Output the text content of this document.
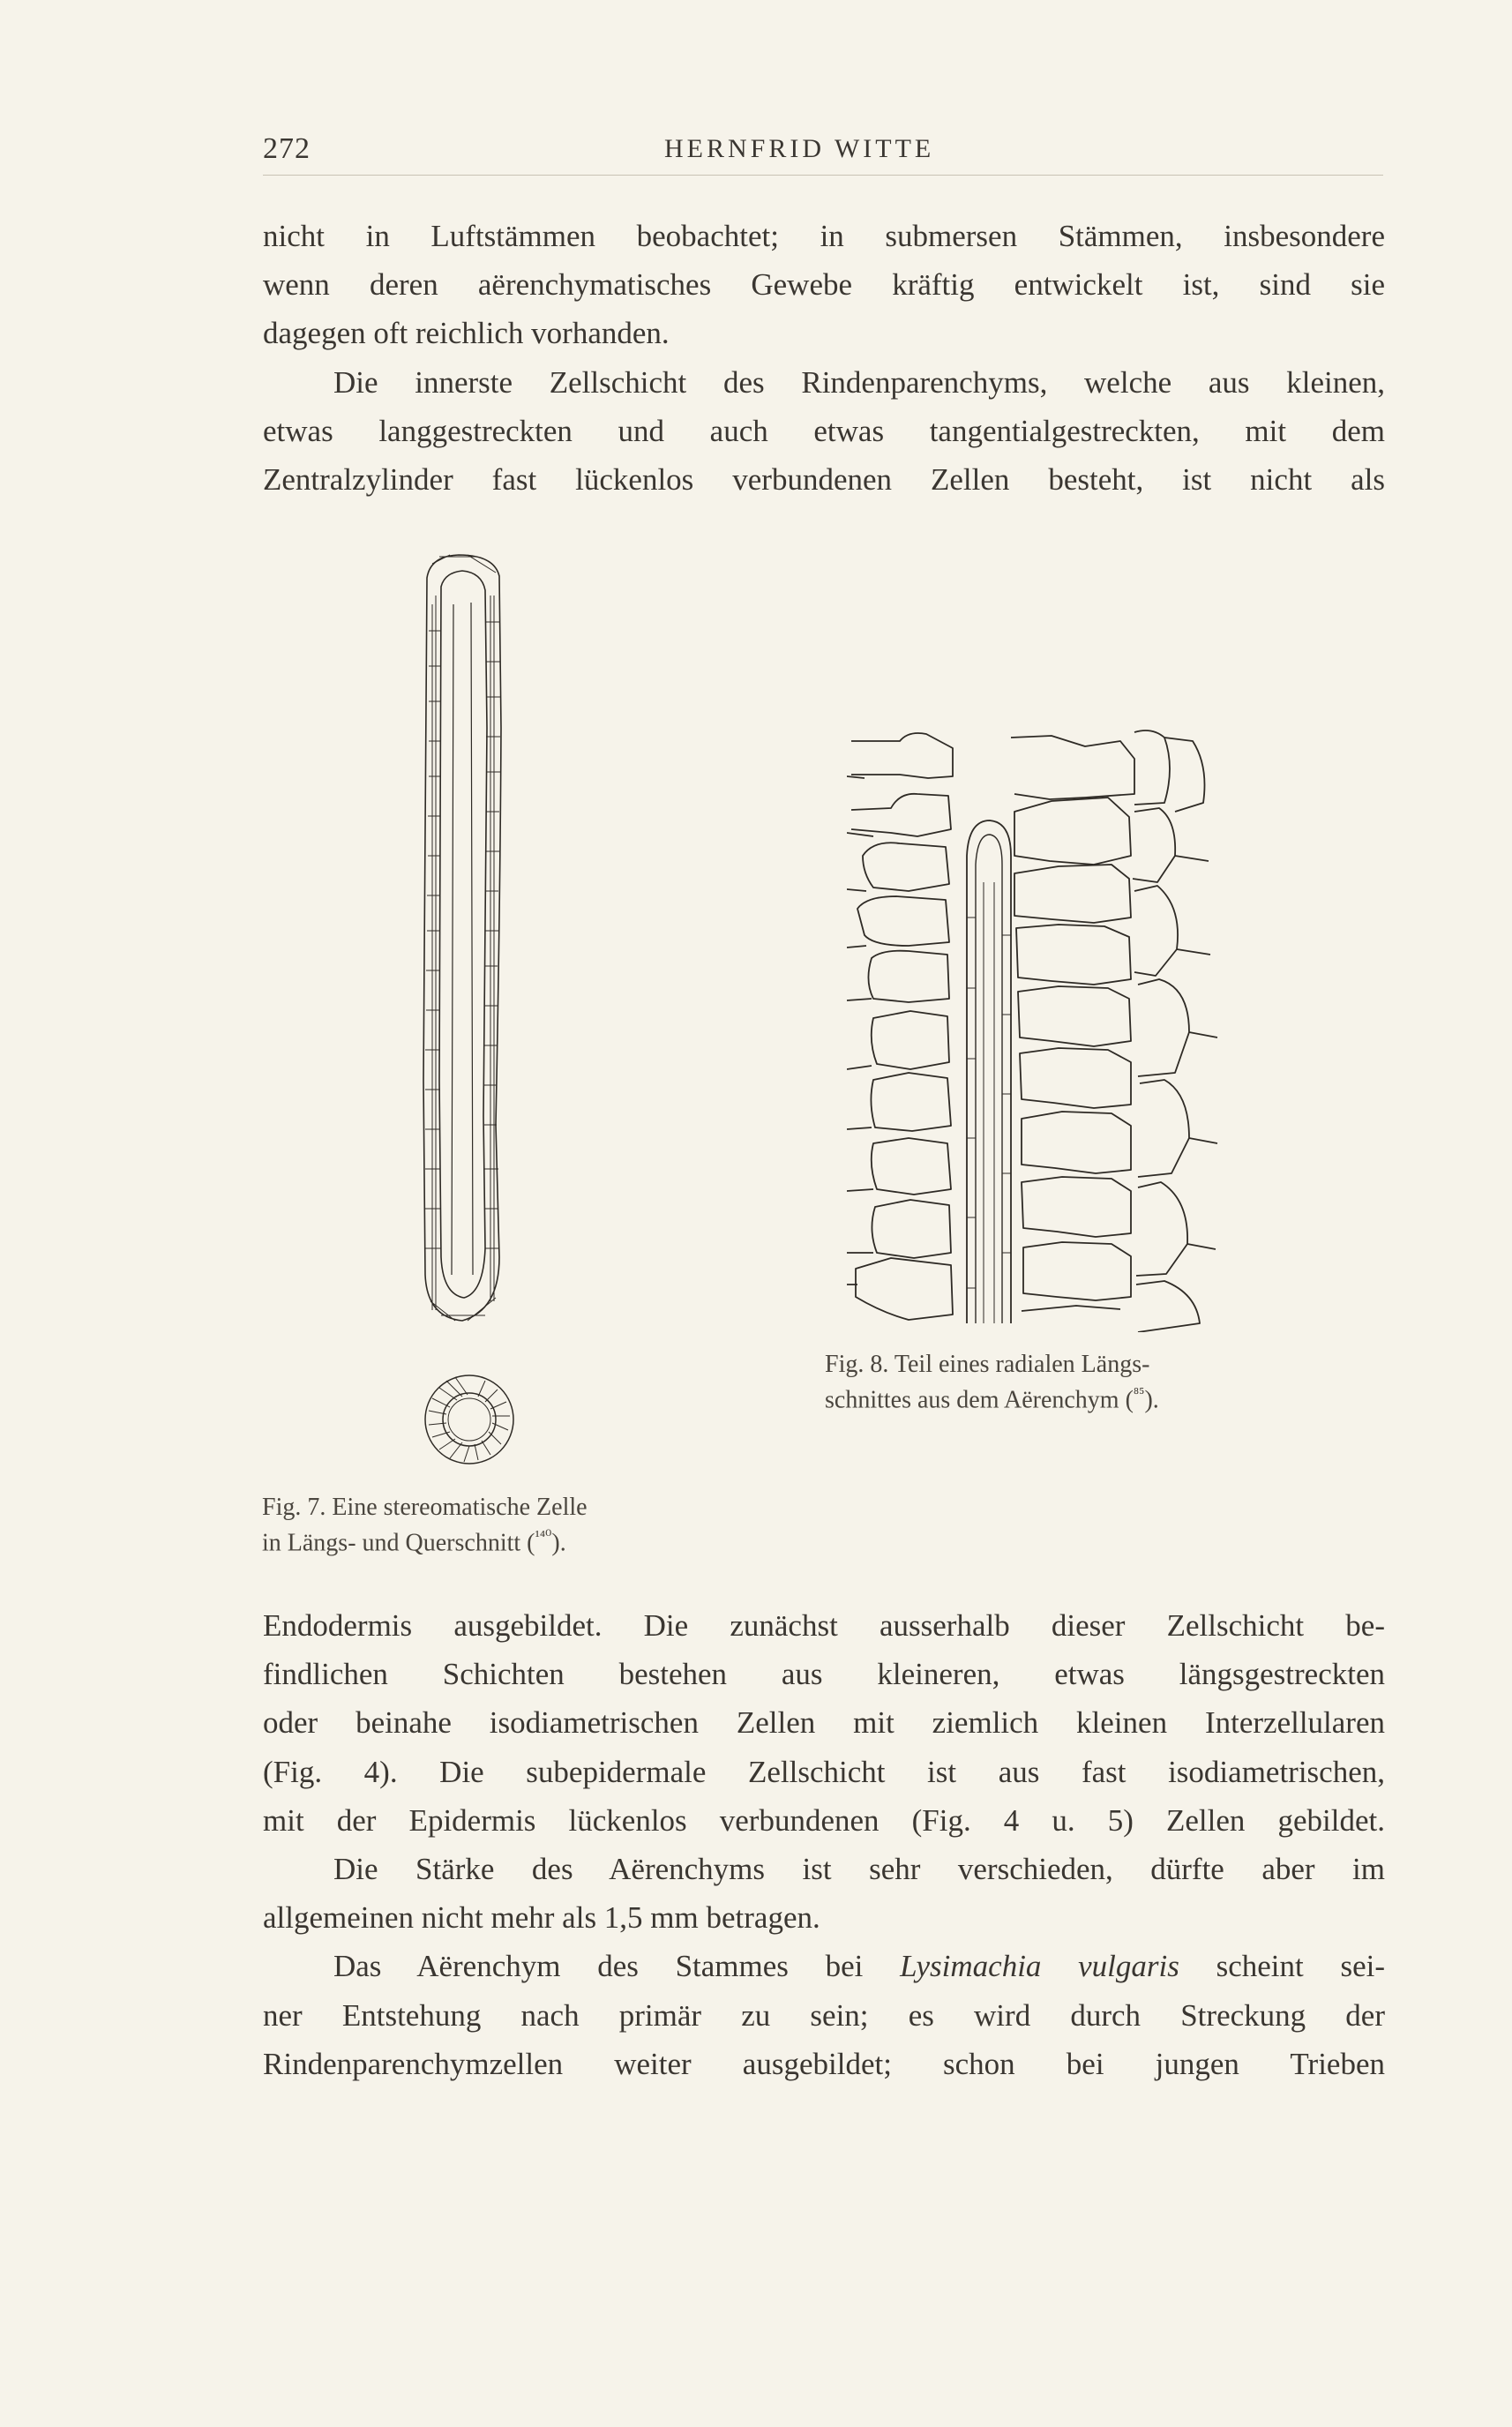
272	HERNFRID WITTE

nicht in Luftstämmen beobachtet; in submersen Stämmen, insbesondere

wenn deren aërenchymatisches Gewebe kräftig entwickelt ist, sind sie

dagegen oft reichlich vorhanden.

Die innerste Zellschicht des Rindenparenchyms, welche aus kleinen,

etwas langgestreckten und auch etwas tangentialgestreckten, mit dem

Zentralzylinder fast lückenlos verbundenen Zellen besteht, ist nicht als

Fig. 7. Eine stereomatische Zelle
in Längs- und Querschnitt ($^{^{140}}$).
Fig. 8. Teil eines radialen Längs-
schnittes aus dem Aërenchym ($^{^{85}}$).

Endodermis ausgebildet. Die zunächst ausserhalb dieser Zellschicht be-

findlichen Schichten bestehen aus kleineren, etwas längsgestreckten

oder beinahe isodiametrischen Zellen mit ziemlich kleinen Interzellularen

(Fig. 4). Die subepidermale Zellschicht ist aus fast isodiametrischen,

mit der Epidermis lückenlos verbundenen (Fig. 4 u. 5) Zellen gebildet.

Die Stärke des Aërenchyms ist sehr verschieden, dürfte aber im

allgemeinen nicht mehr als 1,5 mm betragen.

Das Aërenchym des Stammes bei Lysimachia vulgaris scheint sei-

ner Entstehung nach primär zu sein; es wird durch Streckung der

Rindenparenchymzellen weiter ausgebildet; schon bei jungen Trieben
